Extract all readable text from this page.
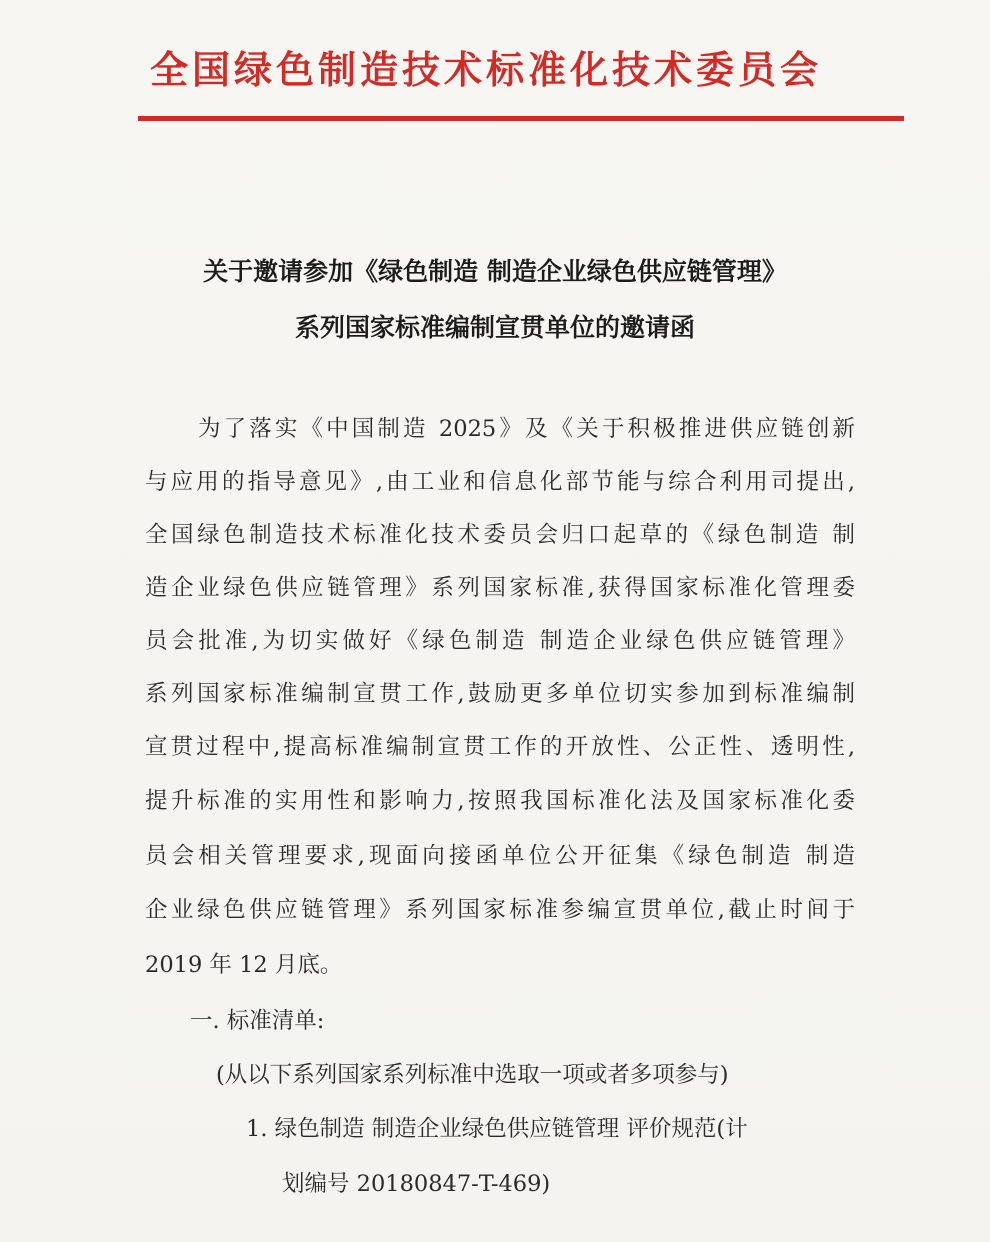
全国绿色制造技术标准化技术委员会
关于邀请参加《绿色制造 制造企业绿色供应链管理》
系列国家标准编制宣贯单位的邀请函
为了落实《中国制造 2025》及《关于积极推进供应链创新
与应用的指导意见》,由工业和信息化部节能与综合利用司提出,
全国绿色制造技术标准化技术委员会归口起草的《绿色制造 制
造企业绿色供应链管理》系列国家标准,获得国家标准化管理委
员会批准,为切实做好《绿色制造 制造企业绿色供应链管理》
系列国家标准编制宣贯工作,鼓励更多单位切实参加到标准编制
宣贯过程中,提高标准编制宣贯工作的开放性、公正性、透明性,
提升标准的实用性和影响力,按照我国标准化法及国家标准化委
员会相关管理要求,现面向接函单位公开征集《绿色制造 制造
企业绿色供应链管理》系列国家标准参编宣贯单位,截止时间于
2019 年 12 月底。
一. 标准清单:
(从以下系列国家系列标准中选取一项或者多项参与)
1. 绿色制造 制造企业绿色供应链管理 评价规范(计
划编号 20180847-T-469)
